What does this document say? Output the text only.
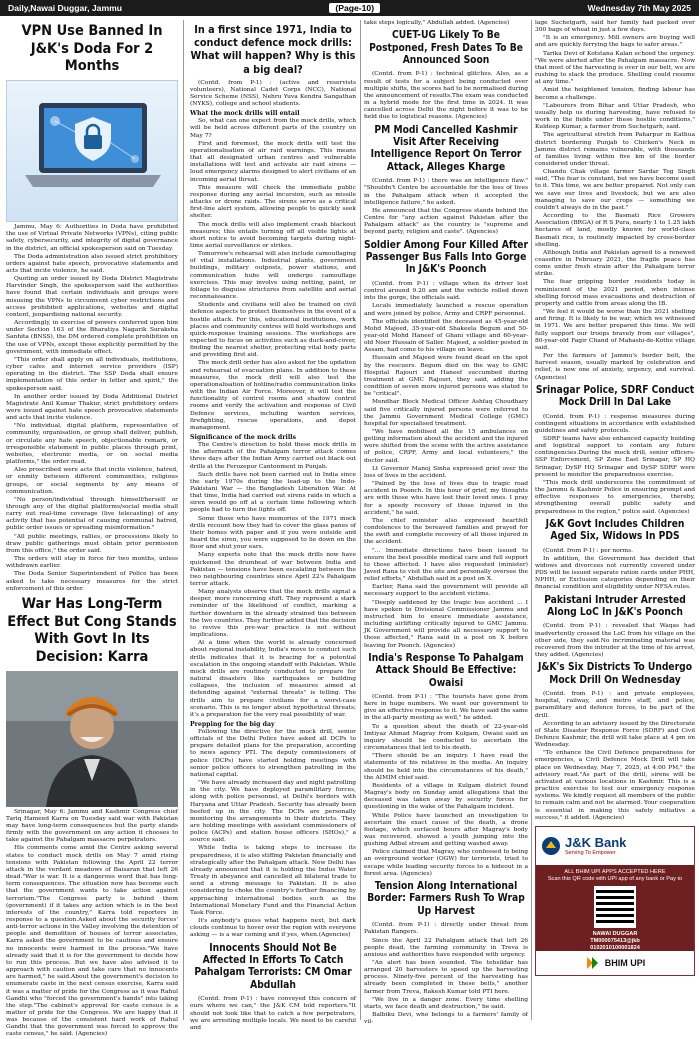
Daily,Nawai Duggar, Jammu	(Page-10)	Wednesday 7th May 2025
VPN Use Banned In J&K's Doda For 2 Months

Jammu, May 6: Authorities in Doda have prohibited the use of Virtual Private Networks (VPNs), citing public safety, cybersecurity, and integrity of digital governance in the district, an official spokesperson said on Tuesday.

The Doda administration also issued strict prohibitory orders against hate speech, provocative statements and acts that incite violence, he said.

Quoting an order issued by Doda District Magistrate Harvinder Singh, the spokesperson said the authorities have found that certain individuals and groups were misusing the VPNs to circumvent cyber restrictions and access prohibited applications, websites and digital content, jeopardising national security.

Accordingly, in exercise of powers conferred upon him under Section 163 of the Bharatiya Nagarik Suraksha Sanhita (BNSS), the DM ordered complete prohibition on the use of VPNs, except those explicitly permitted by the government, with immediate effect.

"This order shall apply on all individuals, institutions, cyber cafes and internet service providers (ISP) operating in the district. The SSP Doda shall ensure implementation of this order in letter and spirit," the spokesperson said.

In another order issued by Doda Additional District Magistrate Anil Kumar Thakur, strict prohibitory orders were issued against hate speech provocative statements and acts that incite violence.

"No individual, digital platform, representative of community, organisation, or group shall deliver, publish, or circulate any hate speech, objectionable remark, or irresponsible statement in public places through print, websites, electronic media, or on social media platforms," the order read.

Also proscribed were acts that incite violence, hatred, or enmity between different communities, religious groups, or social segments by any means of communication.

"No person/individual through himself/herself or through any of the digital platforms/social media shall carry out real-time coverage (live telecasting) of any activity that has potential of causing communal hatred, public order issues or spreading misinformation."

"All public meetings, rallies, or processions likely to draw public gatherings must obtain prior permission from this office," the order said.

The orders will stay in force for two months, unless withdrawn earlier.

The Doda Senior Superintendent of Police has been asked to take necessary measures for the strict enforcement of this order.

War Has Long-Term Effect But Cong Stands With Govt In Its Decision: Karra

Srinagar, May 6: Jammu and Kashmir Congress chief Tariq Hameed Karra on Tuesday said war with Pakistan may have long-term consequences but the party stands firmly with the government on any action it chooses to take against the Pahalgam massacre perpetrators.

His comments come amid the Centre asking several states to conduct mock drills on May 7 amid rising tensions with Pakistan following the April 22 terror attack in the verdant meadows of Baisaran that left 26 dead."War is war. It is a dangerous word that has long-term consequences. The situation now has become such that the government wants to take action against terrorism."The Congress party is behind them (government) if it takes any action which is in the best interests of the country," Karra told reporters in response to a question.Asked about the security forces' anti-terror actions in the Valley involving the detention of people and demolition of houses of terror associates, Karra asked the government to be cautious and ensure no innocents were harmed in the process."We have already said that it is for the government to decide how to run this process. But we have also advised it to approach with caution and take care that no innocents are harmed," he said.About the government's decision to enumerate caste in the next census exercise, Karra said it was a matter of pride for the Congress as it was Rahul Gandhi who "forced the government's hands" into taking the step."The cabinet's approval for caste census is a matter of pride for the Congress. We are happy that it was because of the consistent hard work of Rahul Gandhi that the government was forced to approve the caste census," he said. (Agencies)

In a first since 1971, India to conduct defence mock drills: What will happen? Why is this a big deal?

(Contd. from P-1) : (active and reservists volunteers), National Cadet Corps (NCC), National Service Scheme (NSS), Nehru Yuva Kendra Sangathan (NYKS), college and school students.

What the mock drills will entail

So, what can one expect from the mock drills, which will be held across different parts of the country on May 7?

First and foremost, the mock drills will test the operationalisation of air raid warnings. This means that all designated urban centres and vulnerable installations will test and activate air raid sirens — loud emergency alarms designed to alert civilians of an incoming aerial threat.

This measure will check the immediate public response during any aerial incursion, such as missile attacks or drone raids. The sirens serve as a critical first-line alert system, allowing people to quickly seek shelter.

The mock drills will also implement crash blackout measures; this entails turning off all visible lights at short notice to avoid becoming targets during night-time aerial surveillance or strikes.

Tomorrow's rehearsal will also include camouflaging of vital installations. Industrial plants, government buildings, military outposts, power stations, and communication hubs will undergo camouflage exercises. This may involve using netting, paint, or foliage to disguise structures from satellite and aerial reconnaissance.

Students and civilians will also be trained on civil defence aspects to protect themselves in the event of a hostile attack. For this, educational institutions, work places and community centres will hold workshops and quick-response training sessions. The workshops are expected to focus on activities such as duck-and-cover, finding the nearest shelter, protecting vital body parts and providing first aid.

The mock drill order has also asked for the updation and rehearsal of evacuation plans. In addition to these measures, the mock drill will also test the operationalisation of hotline/radio communication links with the Indian Air Force. Moreover, it will test the functionality of control rooms and shadow control rooms and verify the activation and response of Civil Defence services, including warden services, firefighting, rescue operations, and depot management.

Significance of the mock drills

The Centre's direction to hold these mock drills in the aftermath of the Pahalgam terror attack comes three days after the Indian Army carried out black out drills at the Ferozepur Cantonment in Punjab.

Such drills have not been carried out in India since the early 1970s during the lead-up to the Indo-Pakistani War — the Bangladesh Liberation War. At that time, India had carried out sirens raids in which a siren would go off at a certain time following which people had to turn the lights off.

Some those who have memories of the 1971 mock drills recount how they had to cover the glass panes of their homes with paper and if you were outside and heard the siren, you were supposed to lie down on the floor and shut your ears.

Many experts note that the mock drills now have quickened the drumbeat of war between India and Pakistan — tensions have been escalating between the two neighbouring countries since April 22's Pahalgam terror attack.

Many analysts observe that the mock drills signal a deeper, more concerning shift. They represent a stark reminder of the likelihood of conflict, marking a further downturn in the already strained ties between the two countries. They further added that the decision to revive this pre-war practice is not without implications.

At a time when the world is already concerned about regional instability, India's move to conduct such drills indicates that it is bracing for a potential escalation in the ongoing standoff with Pakistan. While mock drills are routinely conducted to prepare for natural disasters like earthquakes or building collapses, the inclusion of measures aimed at defending against "external threats" is telling. The drills aim to prepare civilians for a worst-case scenario. This is no longer about hypothetical threats; it's a preparation for the very real possibility of war.

Prepping for the big day

Following the directive for the mock drill, senior officials of the Delhi Police have asked all DCPs to prepare detailed plans for the preparation, according to news agency PTI. The deputy commissioners of police (DCPs) have started holding meetings with senior police officers to strengthen patrolling in the national capital.

"We have already increased day and night patrolling in the city. We have deployed paramilitary forces, along with police personnel, at Delhi's borders with Haryana and Uttar Pradesh. Security has already been beefed up in the city. The DCPs are personally monitoring the arrangements in their districts. They are holding meetings with assistant commissioners of police (ACPs) and station house officers (SHOs)," a source said.

While India is taking steps to increase its preparedness, it is also stiffing Pakistan financially and strategically after the Pahalgam attack. New Delhi has already announced that it is holding the Indus Water Treaty in abeyance and cancelled all bilateral trade to send a strong message to Pakistan. It is also considering to choke the country's further financing by approaching international bodies such as the International Monetary Fund and the Financial Action Task Force.

It's anybody's guess what happens next, but dark clouds continue to hover over the region with everyone asking — is a war coming and if yes, when.(Agencies)

Innocents Should Not Be Affected In Efforts To Catch Pahalgam Terrorists: CM Omar Abdullah

(Contd. from P-1) : have conveyed this concern of ours where we can," the J&K CM told reporters."It should not look like that to catch a few perpetrators, we are arresting multiple locals. We need to be careful and

take steps logically," Abdullah added. (Agencies)

CUET-UG Likely To Be Postponed, Fresh Dates To Be Announced Soon

(Contd. from P-1) : technical glitches. Also, as a result of tests for a subject being conducted over multiple shifts, the scores had to be normalised during the announcement of results.The exam was conducted in a hybrid mode for the first time in 2024. It was cancelled across Delhi the night before it was to be held due to logistical reasons. (Agencies)

PM Modi Cancelled Kashmir Visit After Receiving Intelligence Report On Terror Attack, Alleges Kharge

(Contd. from P-1) : there was an intelligence flaw." "Shouldn't Centre be accountable for the loss of lives in the Pahalgam attack when it accepted the intelligence failure," he asked.

He announced that the Congress stands behind the Centre for "any action against Pakistan after the Pahalgam attack" as the country is "supreme and beyond party, religion and caste". (Agencies)

Soldier Among Four Killed After Passenger Bus Falls Into Gorge In J&K's Poonch

(Contd. from P-1) : village when its driver lost control around 9.20 am and the vehicle rolled down into the gorge, the officials said.

Locals immediately launched a rescue operation and were joined by police, Army and CRPF personnel.

The officials identified the deceased as 45-year-old Mohd Majeed, 35-year-old Shakeela Begum and 50-year-old Mohd Haneef of Ghani village and 60-year-old Noor Hussain of Saller. Majeed, a soldier posted in Assam, had come to his village on leave.

Hussain and Majeed were found dead on the spot by the rescuers. Begum died on the way to GMC Hospital Rajouri and Haneef succumbed during treatment at GMC Rajouri, they said, adding the condition of seven more injured persons was stated to be "critical".

Mendhar Block Medical Officer Ashfaq Choudhary said five critically injured persons were referred to the Jammu Government Medical College (GMC) hospital for specialised treatment.

"We have mobilised all the 15 ambulances on getting information about the accident and the injured were shifted from the scene with the active assistance of police, CRPF, Army and local volunteers," the doctor said.

Lt Governor Manoj Sinha expressed grief over the loss of lives in the accident.

"Pained by the loss of lives due to tragic road accident in Poonch. In this hour of grief, my thoughts are with those who have lost their loved ones. I pray for a speedy recovery of those injured in the accident," he said.

The chief minister also expressed heartfelt condolences to the bereaved families and prayed for the swift and complete recovery of all those injured in the accident.

"... Immediate directions have been issued to ensure the best possible medical care and full support to those affected. I have also requested (minister) Javed Rana to visit the site and personally oversee the relief efforts," Abdullah said in a post on X.

Earlier, Rana said the government will provide all necessary support to the accident victims.

"Deeply saddened by the tragic bus accident ... I have spoken to Divisional Commissioner Jammu and instructed him to ensure immediate assistance, including airlifting critically injured to GMC Jammu. JK Government will provide all necessary support to those affected," Rana said in a post on X before leaving for Poonch. (Agencies)

India's Response To Pahalgam Attack Should Be Effective: Owaisi

(Contd. from P-1) : "The tourists have gone from here in huge numbers. We want our government to give an effective response to it. We have said the same in the all-party meeting as well," he added.

To a question about the death of 22-year-old Imtiyaz Ahmad Magray from Kulgam, Owaisi said an inquiry should be conducted to ascertain the circumstances that led to his death.

"There should be an inquiry. I have read the statements of his relatives in the media. An inquiry should be held into the circumstances of his death," the AIMIM chief said.

Residents of a village in Kulgam district found Magray's body on Sunday amid allegations that the deceased was taken away by security forces for questioning in the wake of the Pahalgam incident.

While Police have launched an investigation to ascertain the exact cause of the death, a drone footage, which surfaced hours after Magray's body was recovered, showed a youth jumping into the gushing Adbal stream and getting washed away.

Police claimed that Magray, who confessed to being an overground worker (OGW) for terrorists, tried to escape while leading security forces to a hideout in a forest area. (Agencies)

Tension Along International Border: Farmers Rush To Wrap Up Harvest

(Contd. from P-1) : directly under threat from Pakistan Rangers.

Since the April 22 Pahalgam attack that left 26 people dead, the farming community in Treva is anxious and authorities have responded with urgency.

"An alert has been sounded. The tehsildar has arranged 20 harvesters to speed up the harvesting process. Ninety-five percent of the harvesting has already been completed in these belts," another farmer from Treva, Rakesh Kumar told PTI here.

"We live in a danger zone. Every time shelling starts, we face death and destruction," he said.

Balbiku Devi, who belongs to a farmers' family of vil-

lage Suchetgarh, said her family had packed over 300 bags of wheat in just a few days.

"It is an emergency. Mill owners are buying well and are quickly ferrying the bags to safer areas."

Tarika Devi of Kotstana Kalan echoed the urgency. "We were alerted after the Pahalgam massacre. Now that most of the harvesting is over in our belt, we are rushing to stack the produce. Shelling could resume at any time."

Amid the heightened tension, finding labour has become a challenge.

"Labourers from Bihar and Uttar Pradesh, who usually help us during harvesting, have refused to work in the fields under these hostile conditions," Kuldeep Kumar, a farmer from Suchetgarh, said.

The agricultural stretch from Paharpur in Kathua district bordering Punjab to Chicken's Neck in Jammu district remains vulnerable, with thousands of families living within five km of the border considered under threat.

Chandu Chak village farmer Sardar Teg Singh said, "The fear is constant, but we have become used to it. This time, we are better prepared. Not only can we save our lives and livestock, but we are also managing to save our crops — something we couldn't always do in the past."

According to the Basmati Rice Growers Association (BRGA) of R S Pura, nearly 1 to 1.25 lakh hectares of land, mostly known for world-class Basmati rice, is routinely impacted by cross-border shelling.

Although India and Pakistan agreed to a renewed ceasefire in February 2021, the fragile peace has come under fresh strain after the Pahalgam terror strike.

The fear gripping border residents today is reminiscent of the 2021 period, when intense shelling forced mass evacuations and destruction of property and cattle from areas along the IB.

"We feel it would be worse than the 2021 shelling and firing. It is likely to be war, which we witnessed in 1971. We are better prepared this time. We will fully support our troops bravely from our villages", 80-year-old Fagir Chand of Mahashi-de-Kothe village said.

For the farmers of Jammu's border belt, the harvest season, usually marked by celebration and relief, is now one of anxiety, urgency, and survival. (Agencies)

Srinagar Police, SDRF Conduct Mock Drill In Dal Lake

(Contd. from P-1) : response measures during contingent situations in accordance with established guidelines and safety protocols.

SDRF teams have also enhanced capacity building and logistical support to contain any future contingencies.During the mock drill, senior officers- SSP Enforcement, SP Zone East Srinagar, SP HQ Srinagar, DySP HQ Srinagar and DySP SDRF were present to monitor the preparedness exercise.

"This mock drill underscores the commitment of the Jammu & Kashmir Police in ensuring prompt and effective responses to emergencies, thereby, strengthening overall public safety and preparedness in the region," police said. (Agencies)

J&K Govt Includes Children Aged Six, Widows In PDS

(Contd. from P-1) : per norms.

In addition, the Government has decided that widows and divorcees not currently covered under PDS will be issued separate ration cards under PHH, NPHH, or Exclusion categories depending on their financial condition and eligibility under NFSA rules.

Pakistani Intruder Arrested Along LoC In J&K's Poonch

(Contd. from P-1) : revealed that Waqas had inadvertently crossed the LoC from his village on the other side, they said.No incriminating material was recovered from the intruder at the time of his arrest, they added. (Agencies)

J&K's Six Districts To Undergo Mock Drill On Wednesday

(Contd. from P-1) : and private employees, hospital, railway, and metro staff, and police, paramilitary and defence forces, to be part of the drill.

According to an advisory issued by the Directorate of State Disaster Response Force (SDRF) and Civil Defence Kashmir, the drill will take place at 4 pm on Wednesday.

"To enhance the Civil Defence preparedness for emergencies, a Civil Defence Mock Drill will take place on Wednesday, May 7, 2025, at 4:00 PM," the advisory read."As part of the drill, sirens will be activated at various locations in Kashmir. This is a practice exercise to test our emergency response systems. We kindly request all members of the public to remain calm and not be alarmed. Your cooperation is essential in making this safety initiative a success," it added. (Agencies)

J&K Bank
Serving To Empower
ALL BHIM UPI APPS ACCEPTED HERE
Scan this QR code with UPI app of any bank or Pay to
NAWAI DUGGAR
TM000075413@jkb
0102010100001824
BHIM UPI
